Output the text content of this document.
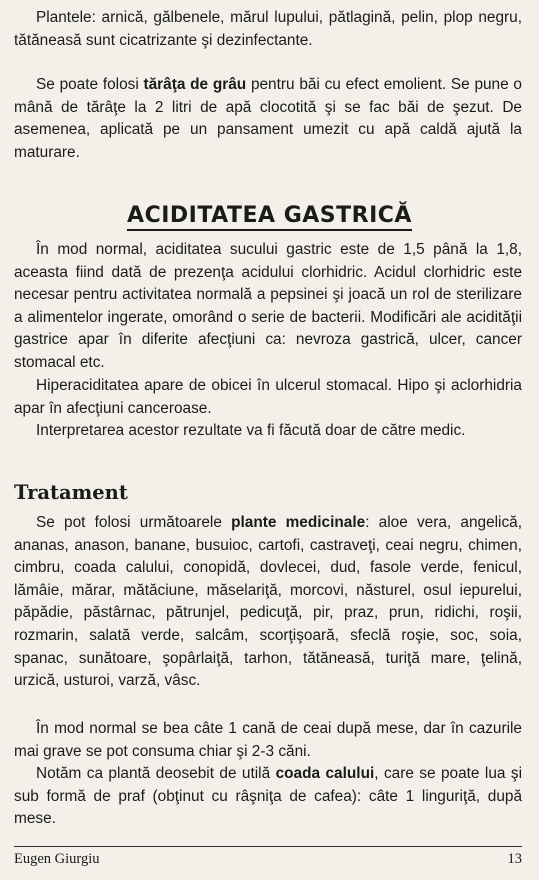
Plantele: arnică, gălbenele, mărul lupului, pătlagină, pelin, plop negru, tătăneasă sunt cicatrizante şi dezinfectante.

Se poate folosi tărâţa de grâu pentru băi cu efect emolient. Se pune o mână de tărâţe la 2 litri de apă clocotită şi se fac băi de şezut. De asemenea, aplicată pe un pansament umezit cu apă caldă ajută la maturare.

ACIDITATEA GASTRICĂ

În mod normal, aciditatea sucului gastric este de 1,5 până la 1,8, aceasta fiind dată de prezenţa acidului clorhidric. Acidul clorhidric este necesar pentru activitatea normală a pepsinei şi joacă un rol de sterilizare a alimentelor ingerate, omorând o serie de bacterii. Modificări ale acidităţii gastrice apar în diferite afecţiuni ca: nevroza gastrică, ulcer, cancer stomacal etc.

Hiperaciditatea apare de obicei în ulcerul stomacal. Hipo şi aclorhidria apar în afecţiuni canceroase.

Interpretarea acestor rezultate va fi făcută doar de către medic.

Tratament

Se pot folosi următoarele plante medicinale: aloe vera, angelică, ananas, anason, banane, busuioc, cartofi, castraveţi, ceai negru, chimen, cimbru, coada calului, conopidă, dovlecei, dud, fasole verde, fenicul, lămâie, mărar, mătăciune, măselariţă, morcovi, năsturel, osul iepurelui, păpădie, păstârnac, pătrunjel, pedicuţă, pir, praz, prun, ridichi, roşii, rozmarin, salată verde, salcâm, scorţişoară, sfeclă roşie, soc, soia, spanac, sunătoare, şopârlaiţă, tarhon, tătăneasă, turiţă mare, ţelină, urzică, usturoi, varză, vâsc.

În mod normal se bea câte 1 cană de ceai după mese, dar în cazurile mai grave se pot consuma chiar şi 2-3 căni.

Notăm ca plantă deosebit de utilă coada calului, care se poate lua şi sub formă de praf (obţinut cu râşniţa de cafea): câte 1 linguriţă, după mese.

Eugen Giurgiu	13
